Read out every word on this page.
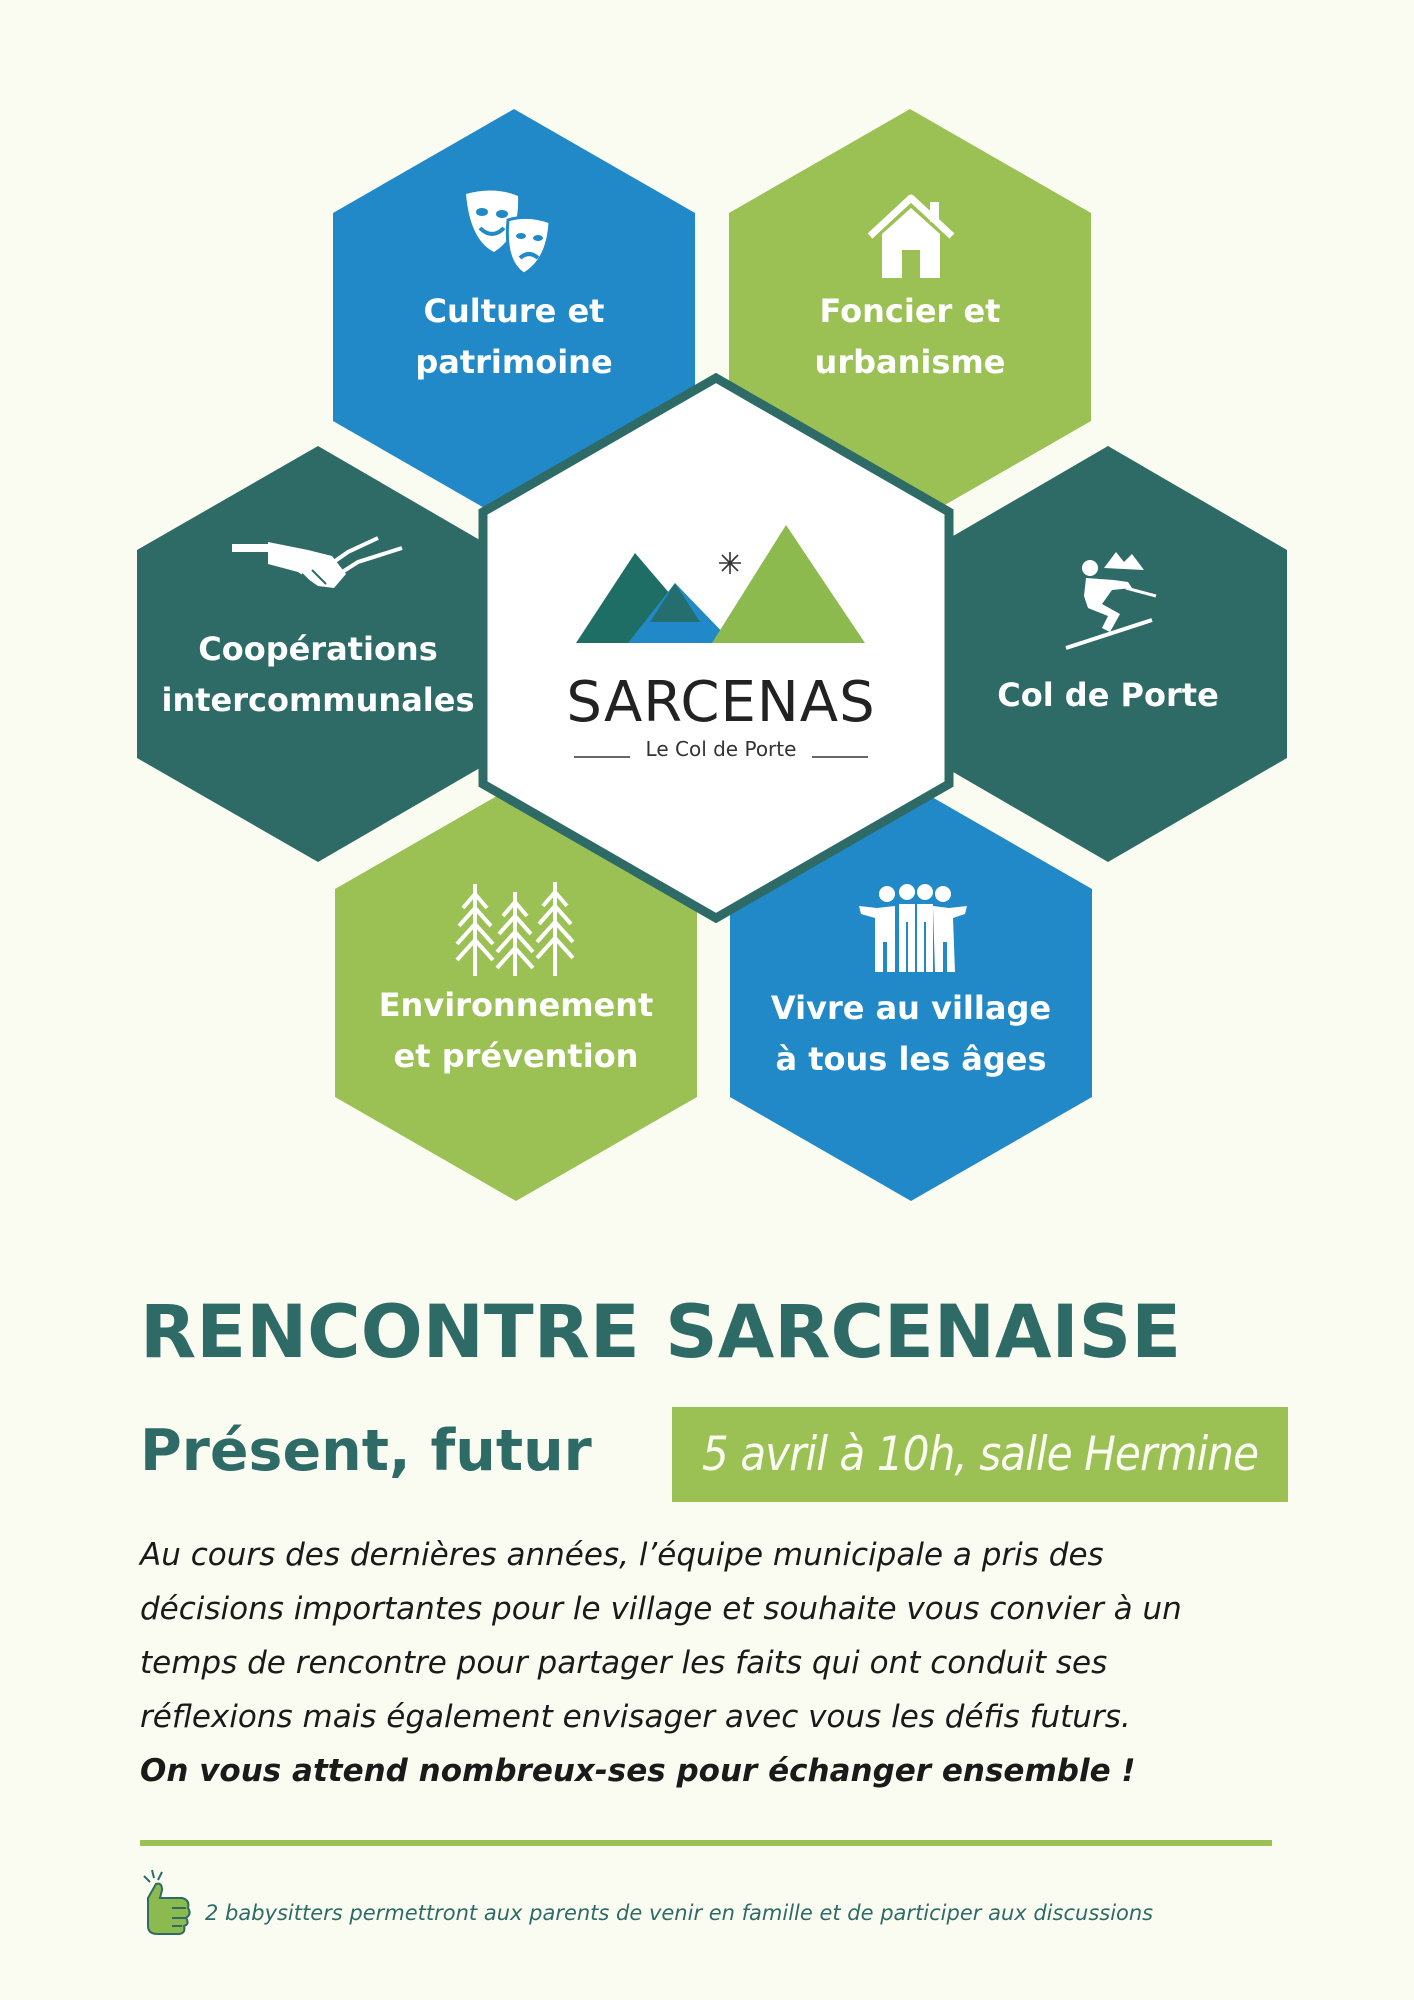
SARCENAS
Le Col de Porte
Culture et
patrimoine
Foncier et
urbanisme
Coopérations
intercommunales	Col de Porte
Environnement
et prévention
Vivre au village
à tous les âges
RENCONTRE SARCENAISE
Présent, futur	5 avril à 10h, salle Hermine
Au cours des dernières années, l’équipe municipale a pris des
décisions importantes pour le village et souhaite vous convier à un
temps de rencontre pour partager les faits qui ont conduit ses
réflexions mais également envisager avec vous les défis futurs.
On vous attend nombreux-ses pour échanger ensemble !
2 babysitters permettront aux parents de venir en famille et de participer aux discussions
